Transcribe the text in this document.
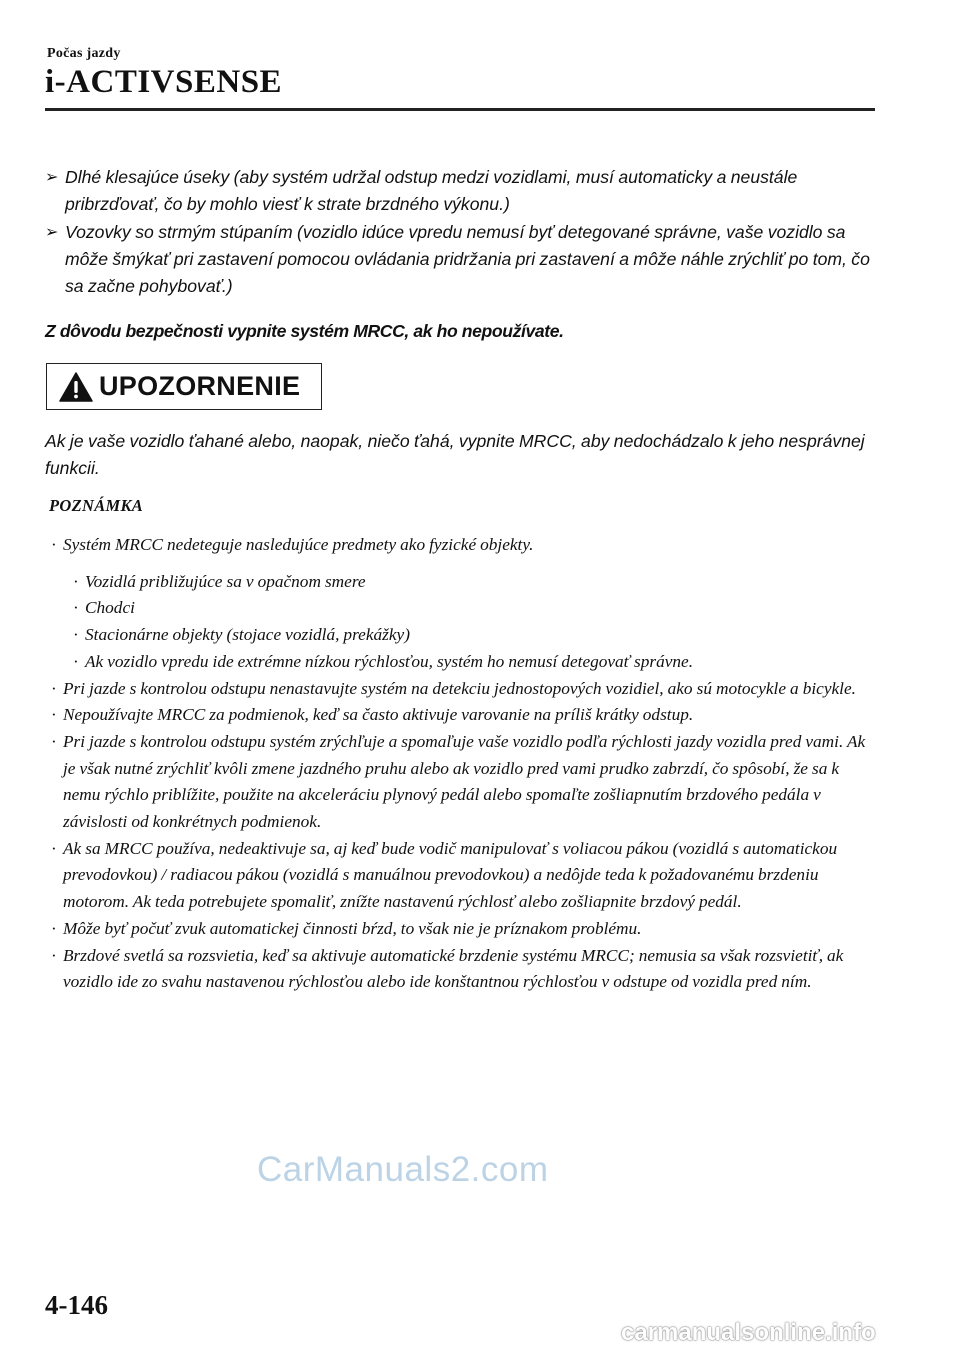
Počas jazdy
i-ACTIVSENSE
➢ Dlhé klesajúce úseky (aby systém udržal odstup medzi vozidlami, musí automaticky a neustále pribrzďovať, čo by mohlo viesť k strate brzdného výkonu.)
➢ Vozovky so strmým stúpaním (vozidlo idúce vpredu nemusí byť detegované správne, vaše vozidlo sa môže šmýkať pri zastavení pomocou ovládania pridržania pri zastavení a môže náhle zrýchliť po tom, čo sa začne pohybovať.)
Z dôvodu bezpečnosti vypnite systém MRCC, ak ho nepoužívate.
UPOZORNENIE
Ak je vaše vozidlo ťahané alebo, naopak, niečo ťahá, vypnite MRCC, aby nedochádzalo k jeho nesprávnej funkcii.
POZNÁMKA
· Systém MRCC nedeteguje nasledujúce predmety ako fyzické objekty.
· Vozidlá približujúce sa v opačnom smere
· Chodci
· Stacionárne objekty (stojace vozidlá, prekážky)
· Ak vozidlo vpredu ide extrémne nízkou rýchlosťou, systém ho nemusí detegovať správne.
· Pri jazde s kontrolou odstupu nenastavujte systém na detekciu jednostopových vozidiel, ako sú motocykle a bicykle.
· Nepoužívajte MRCC za podmienok, keď sa často aktivuje varovanie na príliš krátky odstup.
· Pri jazde s kontrolou odstupu systém zrýchľuje a spomaľuje vaše vozidlo podľa rýchlosti jazdy vozidla pred vami. Ak je však nutné zrýchliť kvôli zmene jazdného pruhu alebo ak vozidlo pred vami prudko zabrzdí, čo spôsobí, že sa k nemu rýchlo priblížite, použite na akceleráciu plynový pedál alebo spomaľte zošliapnutím brzdového pedála v závislosti od konkrétnych podmienok.
· Ak sa MRCC používa, nedeaktivuje sa, aj keď bude vodič manipulovať s voliacou pákou (vozidlá s automatickou prevodovkou) / radiacou pákou (vozidlá s manuálnou prevodovkou) a nedôjde teda k požadovanému brzdeniu motorom. Ak teda potrebujete spomaliť, znížte nastavenú rýchlosť alebo zošliapnite brzdový pedál.
· Môže byť počuť zvuk automatickej činnosti bŕzd, to však nie je príznakom problému.
· Brzdové svetlá sa rozsvietia, keď sa aktivuje automatické brzdenie systému MRCC; nemusia sa však rozsvietiť, ak vozidlo ide zo svahu nastavenou rýchlosťou alebo ide konštantnou rýchlosťou v odstupe od vozidla pred ním.
CarManuals2.com
4-146
carmanualsonline.info
